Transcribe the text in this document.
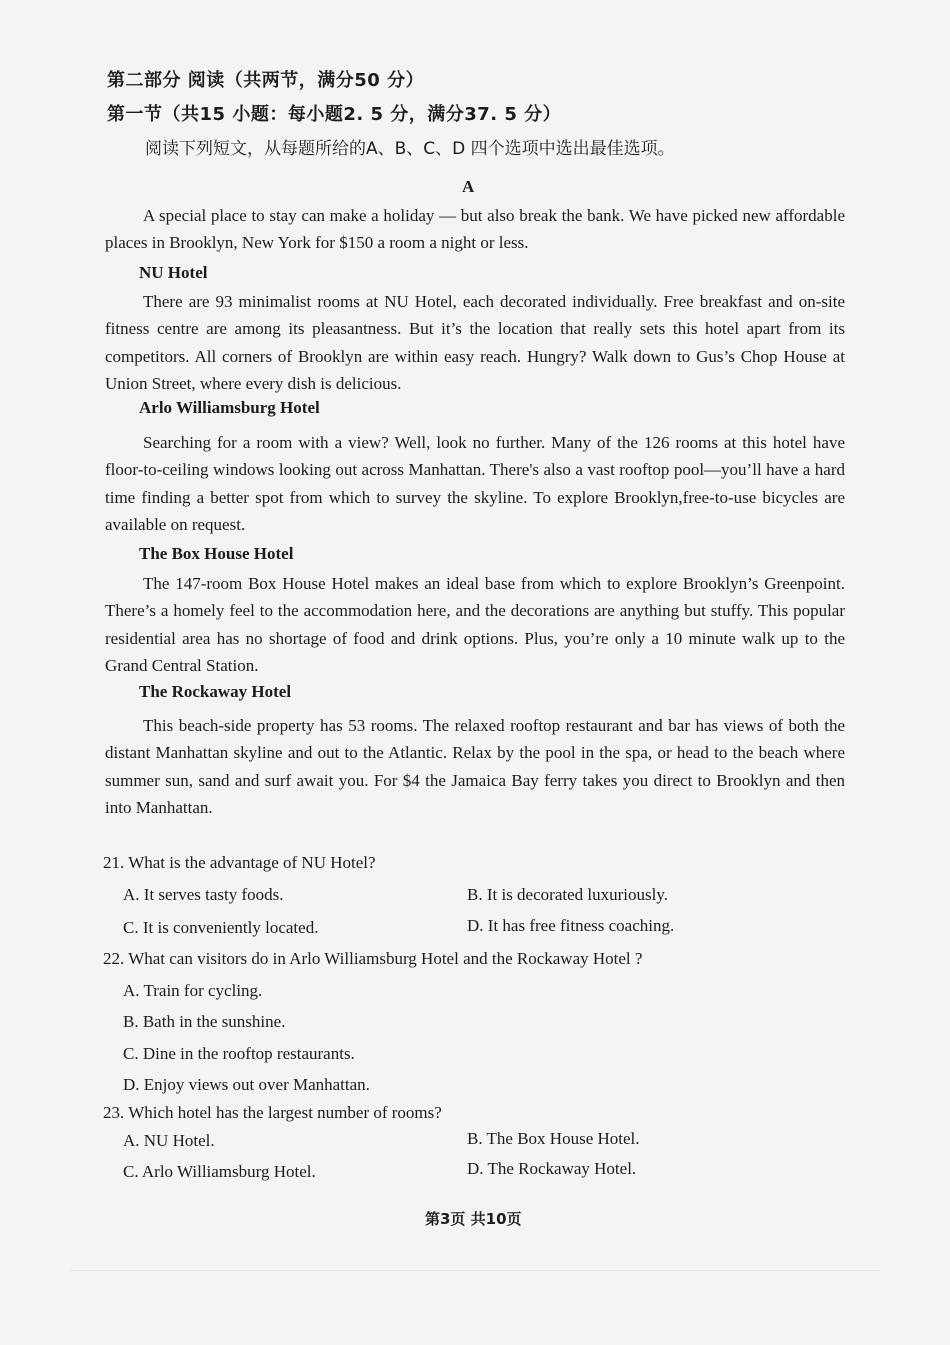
第二部分 阅读（共两节，满分50 分）
第一节（共15 小题：每小题2. 5 分，满分37. 5 分）
阅读下列短文，从每题所给的A、B、C、D 四个选项中选出最佳选项。
A
A special place to stay can make a holiday — but also break the bank. We have picked new affordable places in Brooklyn, New York for $150 a room a night or less.
NU Hotel
There are 93 minimalist rooms at NU Hotel, each decorated individually. Free breakfast and on-site fitness centre are among its pleasantness. But it’s the location that really sets this hotel apart from its competitors. All corners of Brooklyn are within easy reach. Hungry? Walk down to Gus’s Chop House at Union Street, where every dish is delicious.
Arlo Williamsburg Hotel
Searching for a room with a view? Well, look no further. Many of the 126 rooms at this hotel have floor-to-ceiling windows looking out across Manhattan. There's also a vast rooftop pool—you’ll have a hard time finding a better spot from which to survey the skyline. To explore Brooklyn,free-to-use bicycles are available on request.
The Box House Hotel
The 147-room Box House Hotel makes an ideal base from which to explore Brooklyn’s Greenpoint. There’s a homely feel to the accommodation here, and the decorations are anything but stuffy. This popular residential area has no shortage of food and drink options. Plus, you’re only a 10 minute walk up to the Grand Central Station.
The Rockaway Hotel
This beach-side property has 53 rooms. The relaxed rooftop restaurant and bar has views of both the distant Manhattan skyline and out to the Atlantic. Relax by the pool in the spa, or head to the beach where summer sun, sand and surf await you. For $4 the Jamaica Bay ferry takes you direct to Brooklyn and then into Manhattan.
21. What is the advantage of NU Hotel?
A. It serves tasty foods.	B. It is decorated luxuriously.
C. It is conveniently located.	D. It has free fitness coaching.
22. What can visitors do in Arlo Williamsburg Hotel and the Rockaway Hotel ?
A. Train for cycling.
B. Bath in the sunshine.
C. Dine in the rooftop restaurants.
D. Enjoy views out over Manhattan.
23. Which hotel has the largest number of rooms?
A. NU Hotel.	B. The Box House Hotel.
C. Arlo Williamsburg Hotel.	D. The Rockaway Hotel.
第3页 共10页
